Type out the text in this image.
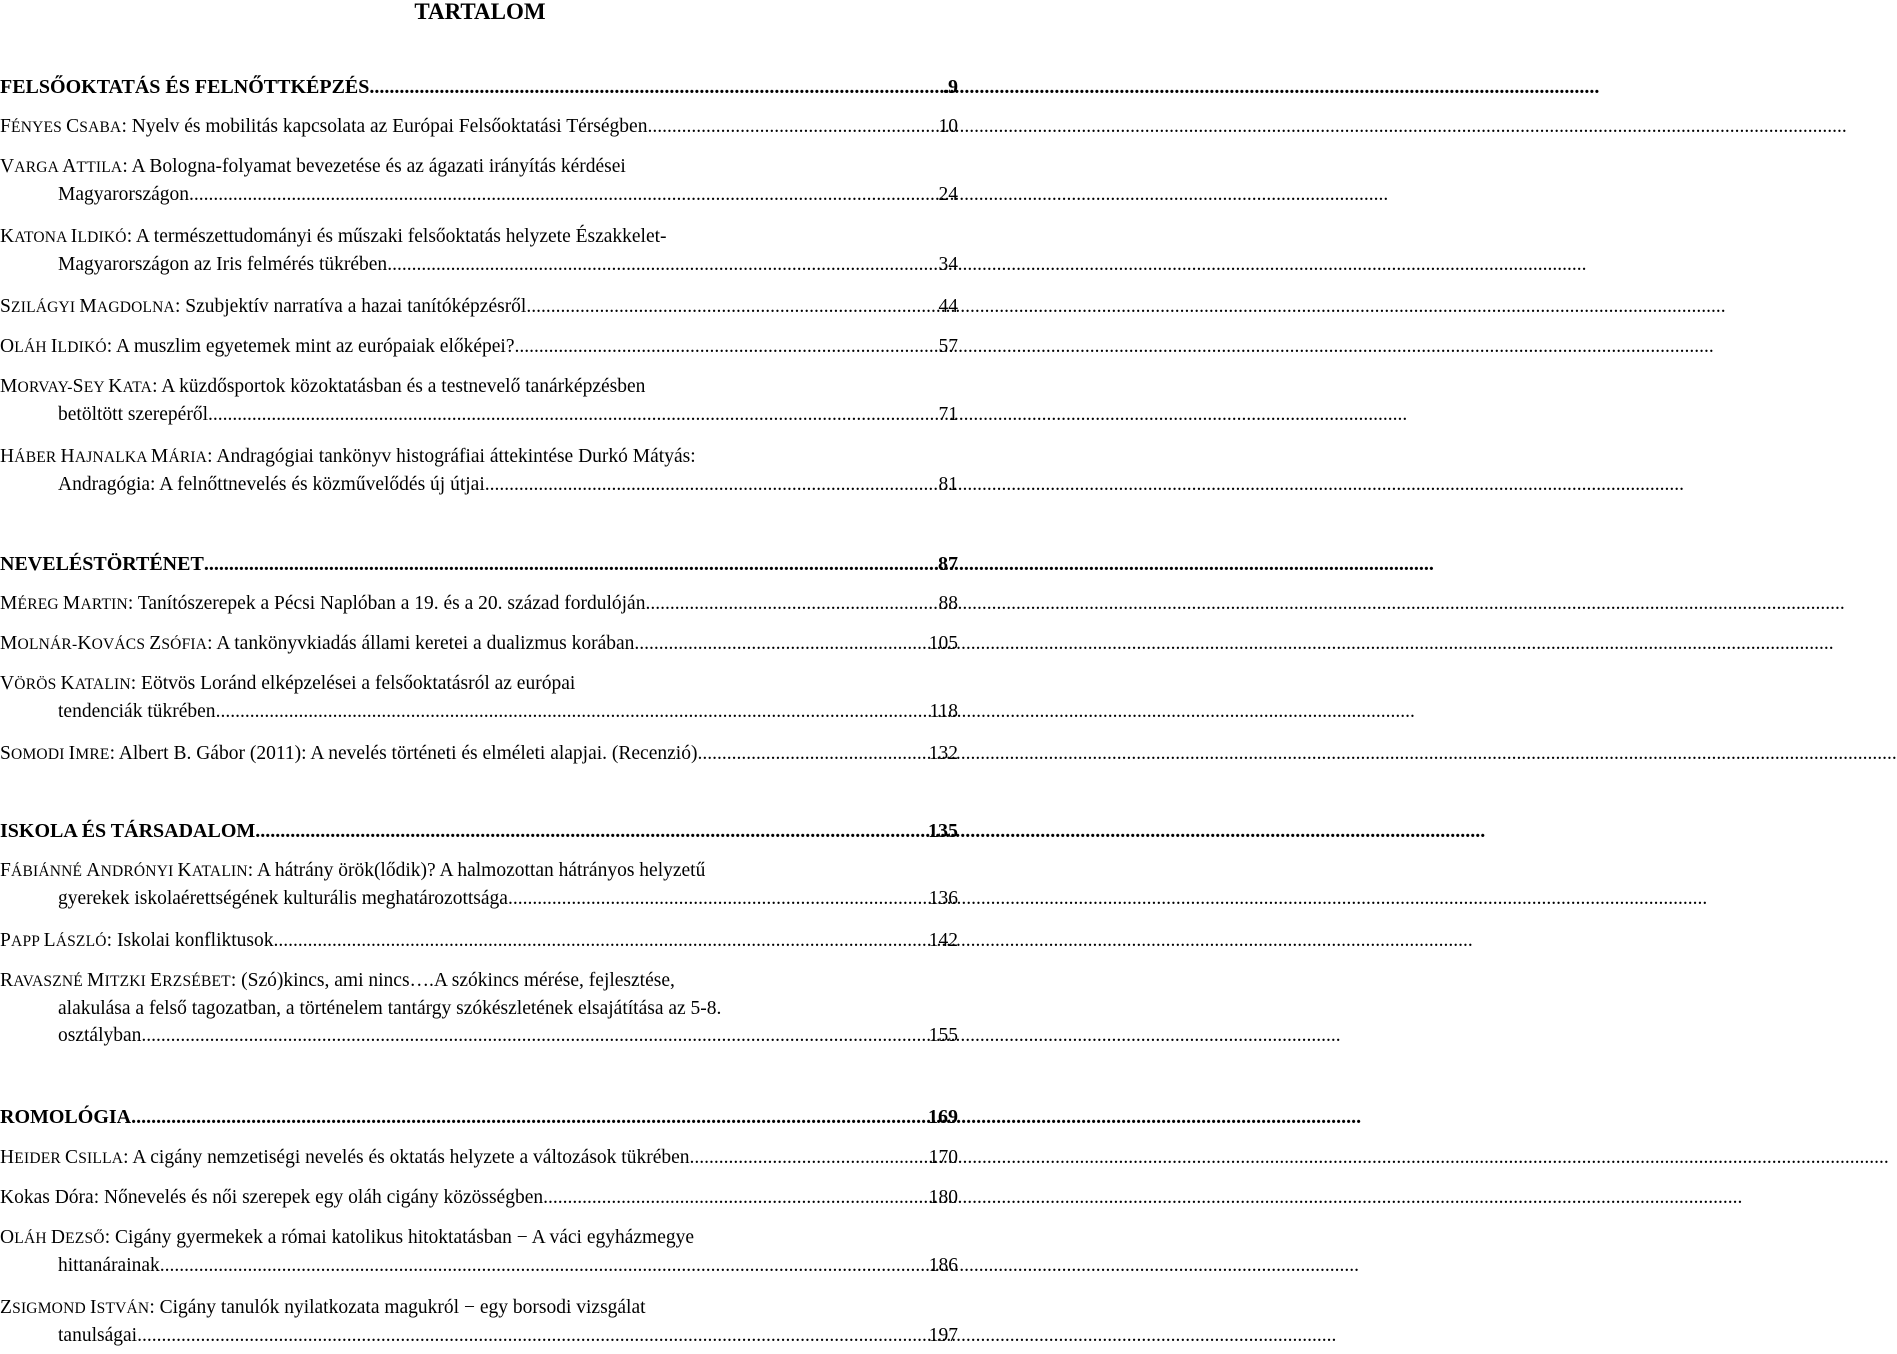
TARTALOM
FELSŐOKTATÁS ÉS FELNŐTTKÉPZÉS .....	.9
FÉNYES CSABA: Nyelv és mobilitás kapcsolata az Európai Felsőoktatási Térségben .....	10
VARGA ATTILA: A Bologna-folyamat bevezetése és az ágazati irányítás kérdései
Magyarországon .....	24
KATONA ILDIKÓ: A természettudományi és műszaki felsőoktatás helyzete Északkelet-
Magyarországon az Iris felmérés tükrében .....	34
SZILÁGYI MAGDOLNA: Szubjektív narratíva a hazai tanítóképzésről .....	44
OLÁH ILDIKÓ: A muszlim egyetemek mint az európaiak előképei? .....	57
MORVAY-SEY KATA: A küzdősportok közoktatásban és a testnevelő tanárképzésben
betöltött szerepéről .....	71
HÁBER HAJNALKA MÁRIA: Andragógiai tankönyv histográfiai áttekintése Durkó Mátyás:
Andragógia: A felnőttnevelés és közművelődés új útjai .....	81
NEVELÉSTÖRTÉNET .....	87
MÉREG MARTIN: Tanítószerepek a Pécsi Naplóban a 19. és a 20. század fordulóján .....	88
MOLNÁR-KOVÁCS ZSÓFIA: A tankönyvkiadás állami keretei a dualizmus korában .....	105
VÖRÖS KATALIN: Eötvös Loránd elképzelései a felsőoktatásról az európai
tendenciák tükrében .....	118
SOMODI IMRE: Albert B. Gábor (2011): A nevelés történeti és elméleti alapjai. (Recenzió) .....	132
ISKOLA ÉS TÁRSADALOM .....	135
FÁBIÁNNÉ ANDRÓNYI KATALIN: A hátrány örök(lődik)? A halmozottan hátrányos helyzetű
gyerekek iskolaérettségének kulturális meghatározottsága .....	136
PAPP LÁSZLÓ: Iskolai konfliktusok .....	142
RAVASZNÉ MITZKI ERZSÉBET: (Szó)kincs, ami nincs….A szókincs mérése, fejlesztése,
alakulása a felső tagozatban, a történelem tantárgy szókészletének elsajátítása az 5-8.
osztályban .....	155
ROMOLÓGIA .....	169
HEIDER CSILLA: A cigány nemzetiségi nevelés és oktatás helyzete a változások tükrében .....	170
Kokas Dóra: Nőnevelés és női szerepek egy oláh cigány közösségben .....	180
OLÁH DEZSŐ: Cigány gyermekek a római katolikus hitoktatásban − A váci egyházmegye
hittanárainak .....	186
ZSIGMOND ISTVÁN: Cigány tanulók nyilatkozata magukról − egy borsodi vizsgálat
tanulságai .....	197
